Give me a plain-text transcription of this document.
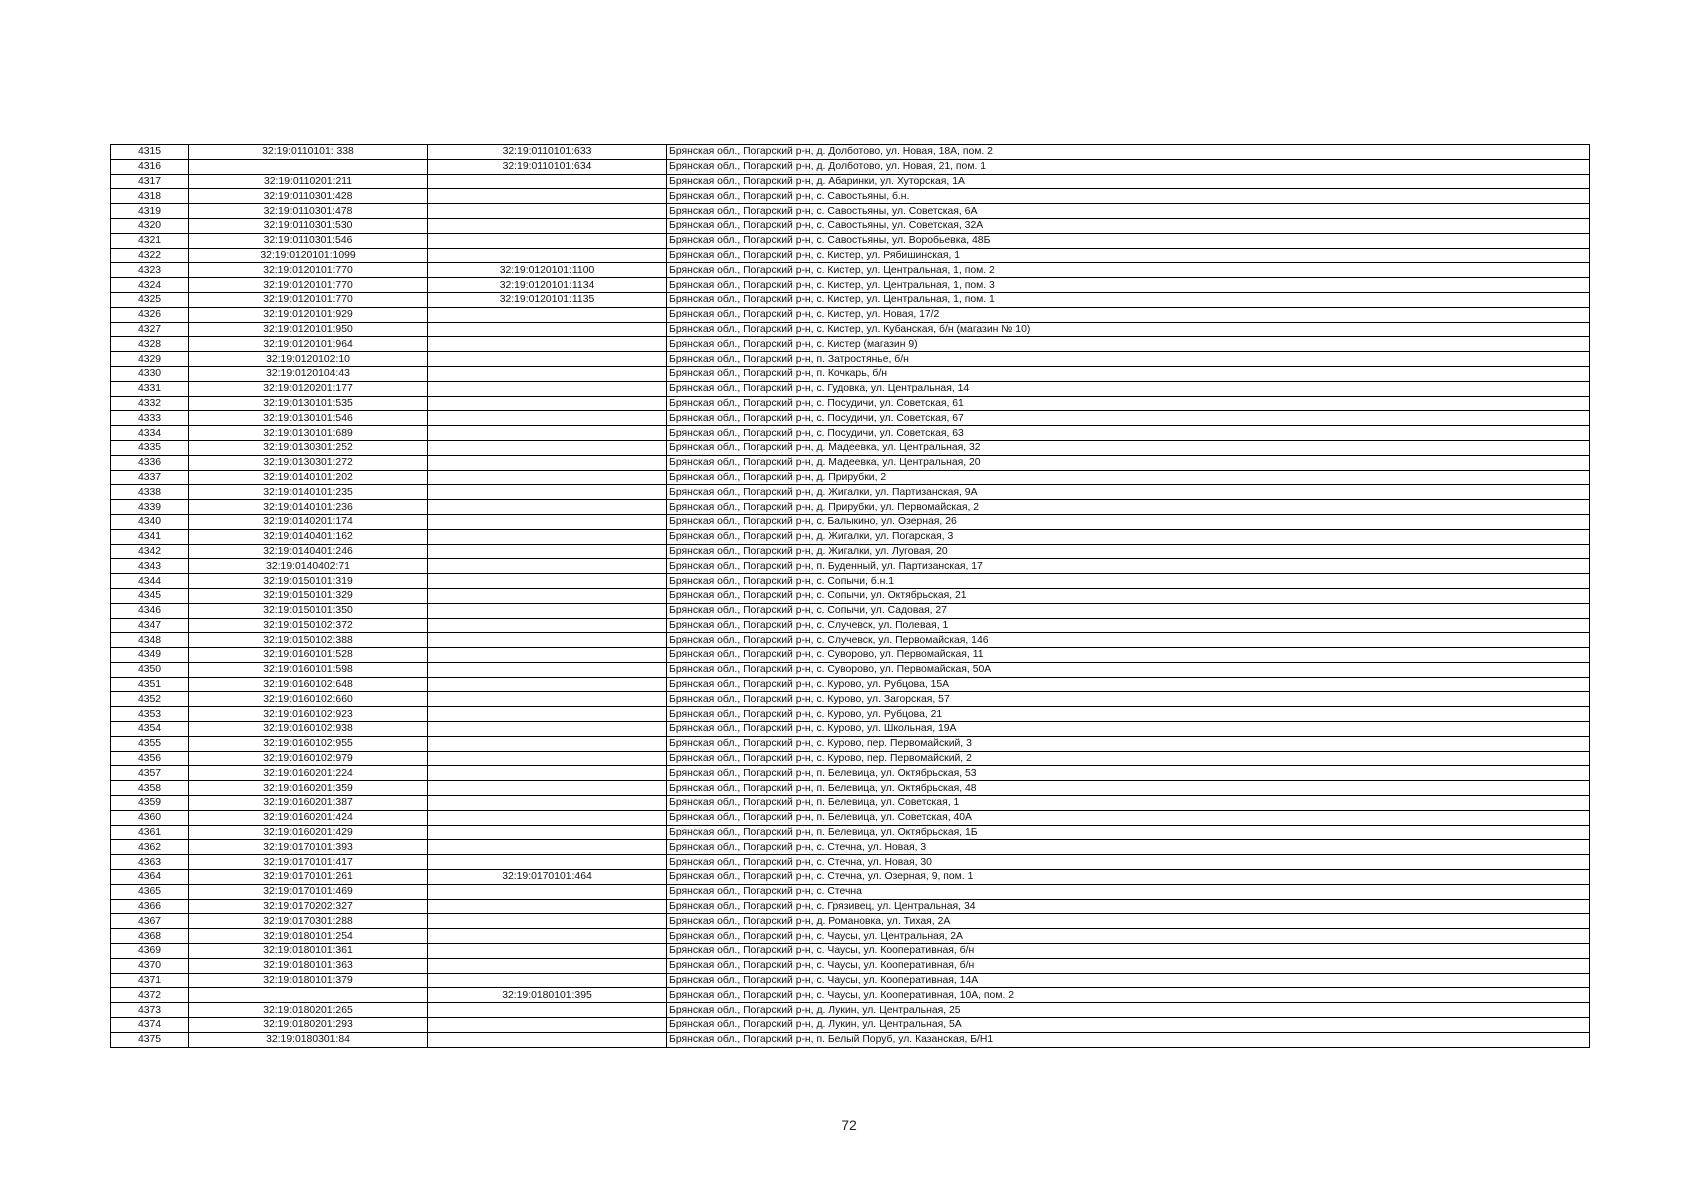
4315	32:19:0110101: 338	32:19:0110101:633	Брянская обл., Погарский р-н, д. Долботово, ул. Новая, 18А, пом. 2
4316		32:19:0110101:634	Брянская обл., Погарский р-н, д. Долботово, ул. Новая, 21, пом. 1
4317	32:19:0110201:211		Брянская обл., Погарский р-н, д. Абаринки, ул. Хуторская, 1А
4318	32:19:0110301:428		Брянская обл., Погарский р-н, с. Савостьяны, б.н.
4319	32:19:0110301:478		Брянская обл., Погарский р-н, с. Савостьяны, ул. Советская, 6А
4320	32:19:0110301:530		Брянская обл., Погарский р-н, с. Савостьяны, ул. Советская, 32А
4321	32:19:0110301:546		Брянская обл., Погарский р-н, с. Савостьяны, ул. Воробьевка, 48Б
4322	32:19:0120101:1099		Брянская обл., Погарский р-н, с. Кистер, ул. Рябишинская, 1
4323	32:19:0120101:770	32:19:0120101:1100	Брянская обл., Погарский р-н, с. Кистер, ул. Центральная, 1, пом. 2
4324	32:19:0120101:770	32:19:0120101:1134	Брянская обл., Погарский р-н, с. Кистер, ул. Центральная, 1, пом. 3
4325	32:19:0120101:770	32:19:0120101:1135	Брянская обл., Погарский р-н, с. Кистер, ул. Центральная, 1, пом. 1
4326	32:19:0120101:929		Брянская обл., Погарский р-н, с. Кистер, ул. Новая, 17/2
4327	32:19:0120101:950		Брянская обл., Погарский р-н, с. Кистер, ул. Кубанская, б/н (магазин № 10)
4328	32:19:0120101:964		Брянская обл., Погарский р-н, с. Кистер (магазин 9)
4329	32:19:0120102:10		Брянская обл., Погарский р-н, п. Затростянье, б/н
4330	32:19:0120104:43		Брянская обл., Погарский р-н, п. Кочкарь, б/н
4331	32:19:0120201:177		Брянская обл., Погарский р-н, с. Гудовка, ул. Центральная, 14
4332	32:19:0130101:535		Брянская обл., Погарский р-н, с. Посудичи, ул. Советская, 61
4333	32:19:0130101:546		Брянская обл., Погарский р-н, с. Посудичи, ул. Советская, 67
4334	32:19:0130101:689		Брянская обл., Погарский р-н, с. Посудичи, ул. Советская, 63
4335	32:19:0130301:252		Брянская обл., Погарский р-н, д. Мадеевка, ул. Центральная, 32
4336	32:19:0130301:272		Брянская обл., Погарский р-н, д. Мадеевка, ул. Центральная, 20
4337	32:19:0140101:202		Брянская обл., Погарский р-н, д. Прирубки, 2
4338	32:19:0140101:235		Брянская обл., Погарский р-н, д. Жигалки, ул. Партизанская, 9А
4339	32:19:0140101:236		Брянская обл., Погарский р-н, д. Прирубки, ул. Первомайская, 2
4340	32:19:0140201:174		Брянская обл., Погарский р-н, с. Балыкино, ул. Озерная, 26
4341	32:19:0140401:162		Брянская обл., Погарский р-н, д. Жигалки, ул. Погарская, 3
4342	32:19:0140401:246		Брянская обл., Погарский р-н, д. Жигалки, ул. Луговая, 20
4343	32:19:0140402:71		Брянская обл., Погарский р-н, п. Буденный, ул. Партизанская, 17
4344	32:19:0150101:319		Брянская обл., Погарский р-н, с. Сопычи, б.н.1
4345	32:19:0150101:329		Брянская обл., Погарский р-н, с. Сопычи, ул. Октябрьская, 21
4346	32:19:0150101:350		Брянская обл., Погарский р-н, с. Сопычи, ул. Садовая, 27
4347	32:19:0150102:372		Брянская обл., Погарский р-н, с. Случевск, ул. Полевая, 1
4348	32:19:0150102:388		Брянская обл., Погарский р-н, с. Случевск, ул. Первомайская, 146
4349	32:19:0160101:528		Брянская обл., Погарский р-н, с. Суворово, ул. Первомайская, 11
4350	32:19:0160101:598		Брянская обл., Погарский р-н, с. Суворово, ул. Первомайская, 50А
4351	32:19:0160102:648		Брянская обл., Погарский р-н, с. Курово, ул. Рубцова, 15А
4352	32:19:0160102:660		Брянская обл., Погарский р-н, с. Курово, ул. Загорская, 57
4353	32:19:0160102:923		Брянская обл., Погарский р-н, с. Курово, ул. Рубцова, 21
4354	32:19:0160102:938		Брянская обл., Погарский р-н, с. Курово, ул. Школьная, 19А
4355	32:19:0160102:955		Брянская обл., Погарский р-н, с. Курово, пер. Первомайский, 3
4356	32:19:0160102:979		Брянская обл., Погарский р-н, с. Курово, пер. Первомайский, 2
4357	32:19:0160201:224		Брянская обл., Погарский р-н, п. Белевица, ул. Октябрьская, 53
4358	32:19:0160201:359		Брянская обл., Погарский р-н, п. Белевица, ул. Октябрьская, 48
4359	32:19:0160201:387		Брянская обл., Погарский р-н, п. Белевица, ул. Советская, 1
4360	32:19:0160201:424		Брянская обл., Погарский р-н, п. Белевица, ул. Советская, 40А
4361	32:19:0160201:429		Брянская обл., Погарский р-н, п. Белевица, ул. Октябрьская, 1Б
4362	32:19:0170101:393		Брянская обл., Погарский р-н, с. Стечна, ул. Новая, 3
4363	32:19:0170101:417		Брянская обл., Погарский р-н, с. Стечна, ул. Новая, 30
4364	32:19:0170101:261	32:19:0170101:464	Брянская обл., Погарский р-н, с. Стечна, ул. Озерная, 9, пом. 1
4365	32:19:0170101:469		Брянская обл., Погарский р-н, с. Стечна
4366	32:19:0170202:327		Брянская обл., Погарский р-н, с. Грязивец, ул. Центральная, 34
4367	32:19:0170301:288		Брянская обл., Погарский р-н, д. Романовка, ул. Тихая, 2А
4368	32:19:0180101:254		Брянская обл., Погарский р-н, с. Чаусы, ул. Центральная, 2А
4369	32:19:0180101:361		Брянская обл., Погарский р-н, с. Чаусы, ул. Кооперативная, б/н
4370	32:19:0180101:363		Брянская обл., Погарский р-н, с. Чаусы, ул. Кооперативная, б/н
4371	32:19:0180101:379		Брянская обл., Погарский р-н, с. Чаусы, ул. Кооперативная, 14А
4372		32:19:0180101:395	Брянская обл., Погарский р-н, с. Чаусы, ул. Кооперативная, 10А, пом. 2
4373	32:19:0180201:265		Брянская обл., Погарский р-н, д. Лукин, ул. Центральная, 25
4374	32:19:0180201:293		Брянская обл., Погарский р-н, д. Лукин, ул. Центральная, 5А
4375	32:19:0180301:84		Брянская обл., Погарский р-н, п. Белый Поруб, ул. Казанская, Б/Н1
72
